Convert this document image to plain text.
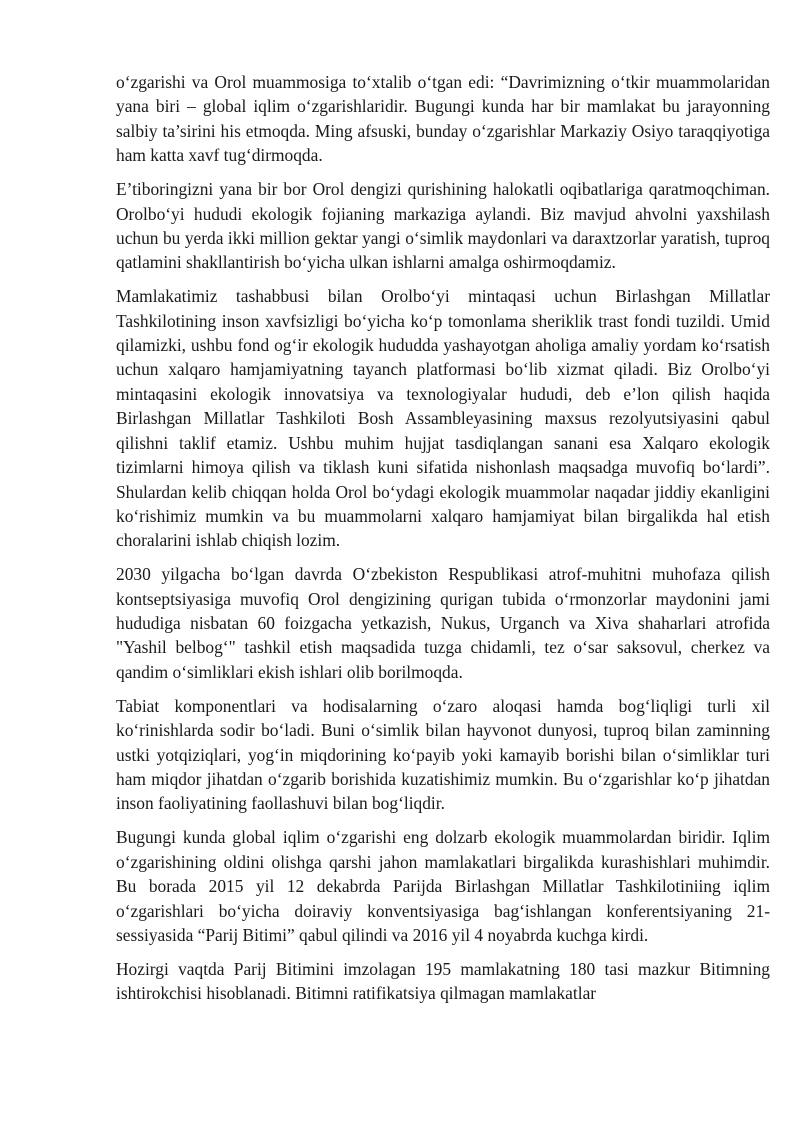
o‘zgarishi va Orol muammosiga to‘xtalib o‘tgan edi: “Davrimizning o‘tkir muammolaridan yana biri – global iqlim o‘zgarishlaridir. Bugungi kunda har bir mamlakat bu jarayonning salbiy ta’sirini his etmoqda. Ming afsuski, bunday o‘zgarishlar Markaziy Osiyo taraqqiyotiga ham katta xavf tug‘dirmoqda.

E’tiboringizni yana bir bor Orol dengizi qurishining halokatli oqibatlariga qaratmoqchiman. Orolbo‘yi hududi ekologik fojianing markaziga aylandi. Biz mavjud ahvolni yaxshilash uchun bu yerda ikki million gektar yangi o‘simlik maydonlari va daraxtzorlar yaratish, tuproq qatlamini shakllantirish bo‘yicha ulkan ishlarni amalga oshirmoqdamiz.

Mamlakatimiz tashabbusi bilan Orolbo‘yi mintaqasi uchun Birlashgan Millatlar Tashkilotining inson xavfsizligi bo‘yicha ko‘p tomonlama sheriklik trast fondi tuzildi. Umid qilamizki, ushbu fond og‘ir ekologik hududda yashayotgan aholiga amaliy yordam ko‘rsatish uchun xalqaro hamjamiyatning tayanch platformasi bo‘lib xizmat qiladi. Biz Orolbo‘yi mintaqasini ekologik innovatsiya va texnologiyalar hududi, deb e’lon qilish haqida Birlashgan Millatlar Tashkiloti Bosh Assambleyasining maxsus rezolyutsiyasini qabul qilishni taklif etamiz. Ushbu muhim hujjat tasdiqlangan sanani esa Xalqaro ekologik tizimlarni himoya qilish va tiklash kuni sifatida nishonlash maqsadga muvofiq bo‘lardi”. Shulardan kelib chiqqan holda Orol bo‘ydagi ekologik muammolar naqadar jiddiy ekanligini ko‘rishimiz mumkin va bu muammolarni xalqaro hamjamiyat bilan birgalikda hal etish choralarini ishlab chiqish lozim.

2030 yilgacha bo‘lgan davrda O‘zbekiston Respublikasi atrof-muhitni muhofaza qilish kontseptsiyasiga muvofiq Orol dengizining qurigan tubida o‘rmonzorlar maydonini jami hududiga nisbatan 60 foizgacha yetkazish, Nukus, Urganch va Xiva shaharlari atrofida "Yashil belbog‘" tashkil etish maqsadida tuzga chidamli, tez o‘sar saksovul, cherkez va qandim o‘simliklari ekish ishlari olib borilmoqda.

Tabiat komponentlari va hodisalarning o‘zaro aloqasi hamda bog‘liqligi turli xil ko‘rinishlarda sodir bo‘ladi. Buni o‘simlik bilan hayvonot dunyosi, tuproq bilan zaminning ustki yotqiziqlari, yog‘in miqdorining ko‘payib yoki kamayib borishi bilan o‘simliklar turi ham miqdor jihatdan o‘zgarib borishida kuzatishimiz mumkin. Bu o‘zgarishlar ko‘p jihatdan inson faoliyatining faollashuvi bilan bog‘liqdir.

Bugungi kunda global iqlim o‘zgarishi eng dolzarb ekologik muammolardan biridir. Iqlim o‘zgarishining oldini olishga qarshi jahon mamlakatlari birgalikda kurashishlari muhimdir. Bu borada 2015 yil 12 dekabrda Parijda Birlashgan Millatlar Tashkilotiniing iqlim o‘zgarishlari bo‘yicha doiraviy konventsiyasiga bag‘ishlangan konferentsiyaning 21-sessiyasida “Parij Bitimi” qabul qilindi va 2016 yil 4 noyabrda kuchga kirdi.

Hozirgi vaqtda Parij Bitimini imzolagan 195 mamlakatning 180 tasi mazkur Bitimning ishtirokchisi hisoblanadi. Bitimni ratifikatsiya qilmagan mamlakatlar
